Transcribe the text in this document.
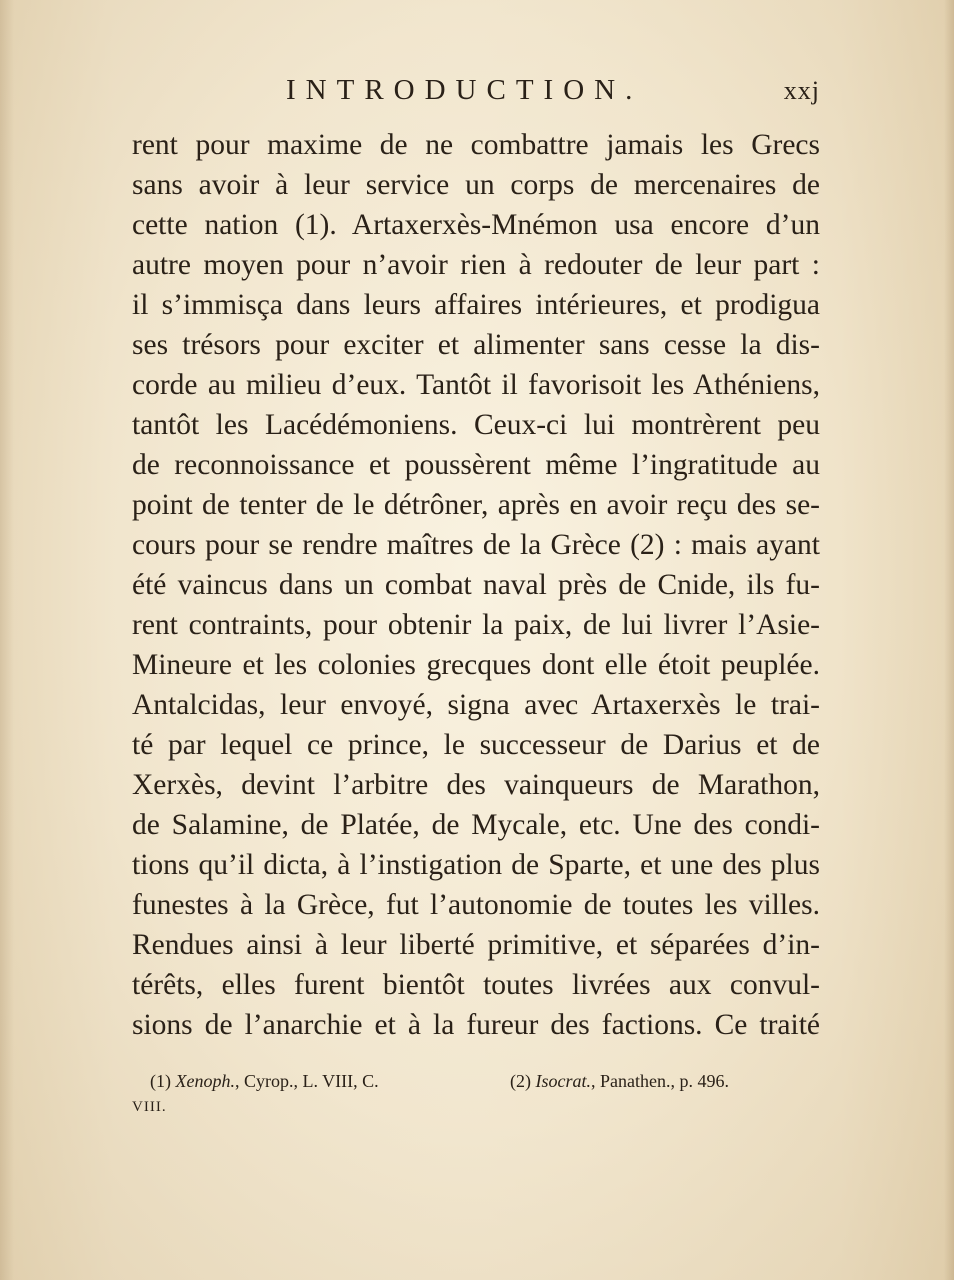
INTRODUCTION.	xxj
rent pour maxime de ne combattre jamais les Grecs
sans avoir à leur service un corps de mercenaires de
cette nation (1). Artaxerxès-Mnémon usa encore d’un
autre moyen pour n’avoir rien à redouter de leur part :
il s’immisça dans leurs affaires intérieures, et prodigua
ses trésors pour exciter et alimenter sans cesse la dis-
corde au milieu d’eux. Tantôt il favorisoit les Athéniens,
tantôt les Lacédémoniens. Ceux-ci lui montrèrent peu
de reconnoissance et poussèrent même l’ingratitude au
point de tenter de le détrôner, après en avoir reçu des se-
cours pour se rendre maîtres de la Grèce (2) : mais ayant
été vaincus dans un combat naval près de Cnide, ils fu-
rent contraints, pour obtenir la paix, de lui livrer l’Asie-
Mineure et les colonies grecques dont elle étoit peuplée.
Antalcidas, leur envoyé, signa avec Artaxerxès le trai-
té par lequel ce prince, le successeur de Darius et de
Xerxès, devint l’arbitre des vainqueurs de Marathon,
de Salamine, de Platée, de Mycale, etc. Une des condi-
tions qu’il dicta, à l’instigation de Sparte, et une des plus
funestes à la Grèce, fut l’autonomie de toutes les villes.
Rendues ainsi à leur liberté primitive, et séparées d’in-
térêts, elles furent bientôt toutes livrées aux convul-
sions de l’anarchie et à la fureur des factions. Ce traité
(1) Xenoph., Cyrop., L. VIII, C.
VIII.
(2) Isocrat., Panathen., p. 496.
